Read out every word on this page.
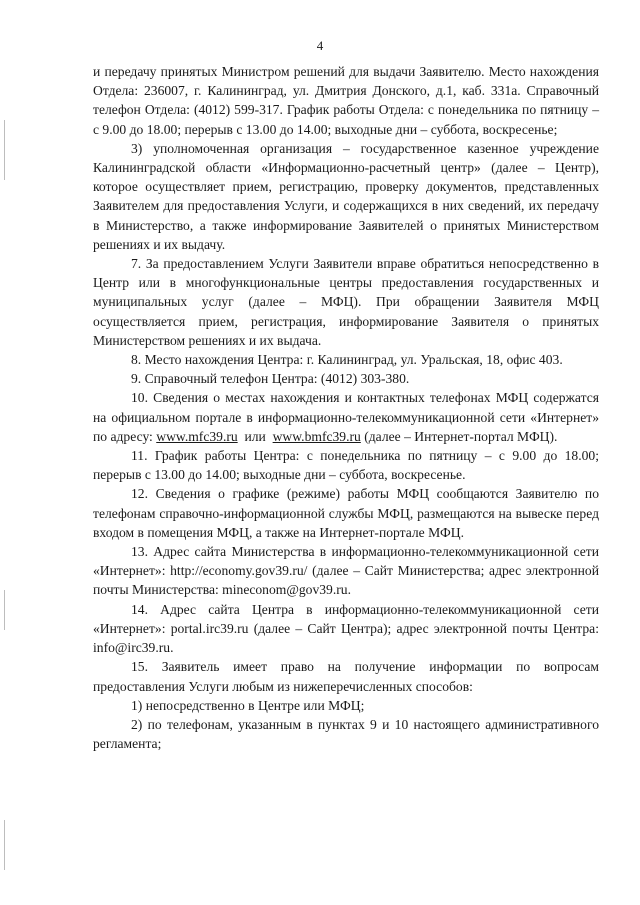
4

и передачу принятых Министром решений для выдачи Заявителю. Место нахождения Отдела: 236007, г. Калининград, ул. Дмитрия Донского, д.1, каб. 331а. Справочный телефон Отдела: (4012) 599-317. График работы Отдела: с понедельника по пятницу – с 9.00 до 18.00; перерыв с 13.00 до 14.00; выходные дни – суббота, воскресенье;

3) уполномоченная организация – государственное казенное учреждение Калининградской области «Информационно-расчетный центр» (далее – Центр), которое осуществляет прием, регистрацию, проверку документов, представленных Заявителем для предоставления Услуги, и содержащихся в них сведений, их передачу в Министерство, а также информирование Заявителей о принятых Министерством решениях и их выдачу.

7. За предоставлением Услуги Заявители вправе обратиться непосредственно в Центр или в многофункциональные центры предоставления государственных и муниципальных услуг (далее – МФЦ). При обращении Заявителя МФЦ осуществляется прием, регистрация, информирование Заявителя о принятых Министерством решениях и их выдача.

8. Место нахождения Центра: г. Калининград, ул. Уральская, 18, офис 403.

9. Справочный телефон Центра: (4012) 303-380.

10. Сведения о местах нахождения и контактных телефонах МФЦ содержатся на официальном портале в информационно-телекоммуникационной сети «Интернет» по адресу: www.mfc39.ru  или  www.bmfc39.ru (далее – Интернет-портал МФЦ).

11. График работы Центра: с понедельника по пятницу – с 9.00 до 18.00; перерыв с 13.00 до 14.00; выходные дни – суббота, воскресенье.

12. Сведения о графике (режиме) работы МФЦ сообщаются Заявителю по телефонам справочно-информационной службы МФЦ, размещаются на вывеске перед входом в помещения МФЦ, а также на Интернет-портале МФЦ.

13. Адрес сайта Министерства в информационно-телекоммуникационной сети «Интернет»: http://economy.gov39.ru/ (далее – Сайт Министерства; адрес электронной почты Министерства: mineconom@gov39.ru.

14. Адрес сайта Центра в информационно-телекоммуникационной сети «Интернет»: portal.irc39.ru (далее – Сайт Центра); адрес электронной почты Центра: info@irc39.ru.

15. Заявитель имеет право на получение информации по вопросам предоставления Услуги любым из нижеперечисленных способов:

1) непосредственно в Центре или МФЦ;

2) по телефонам, указанным в пунктах 9 и 10 настоящего административного регламента;
